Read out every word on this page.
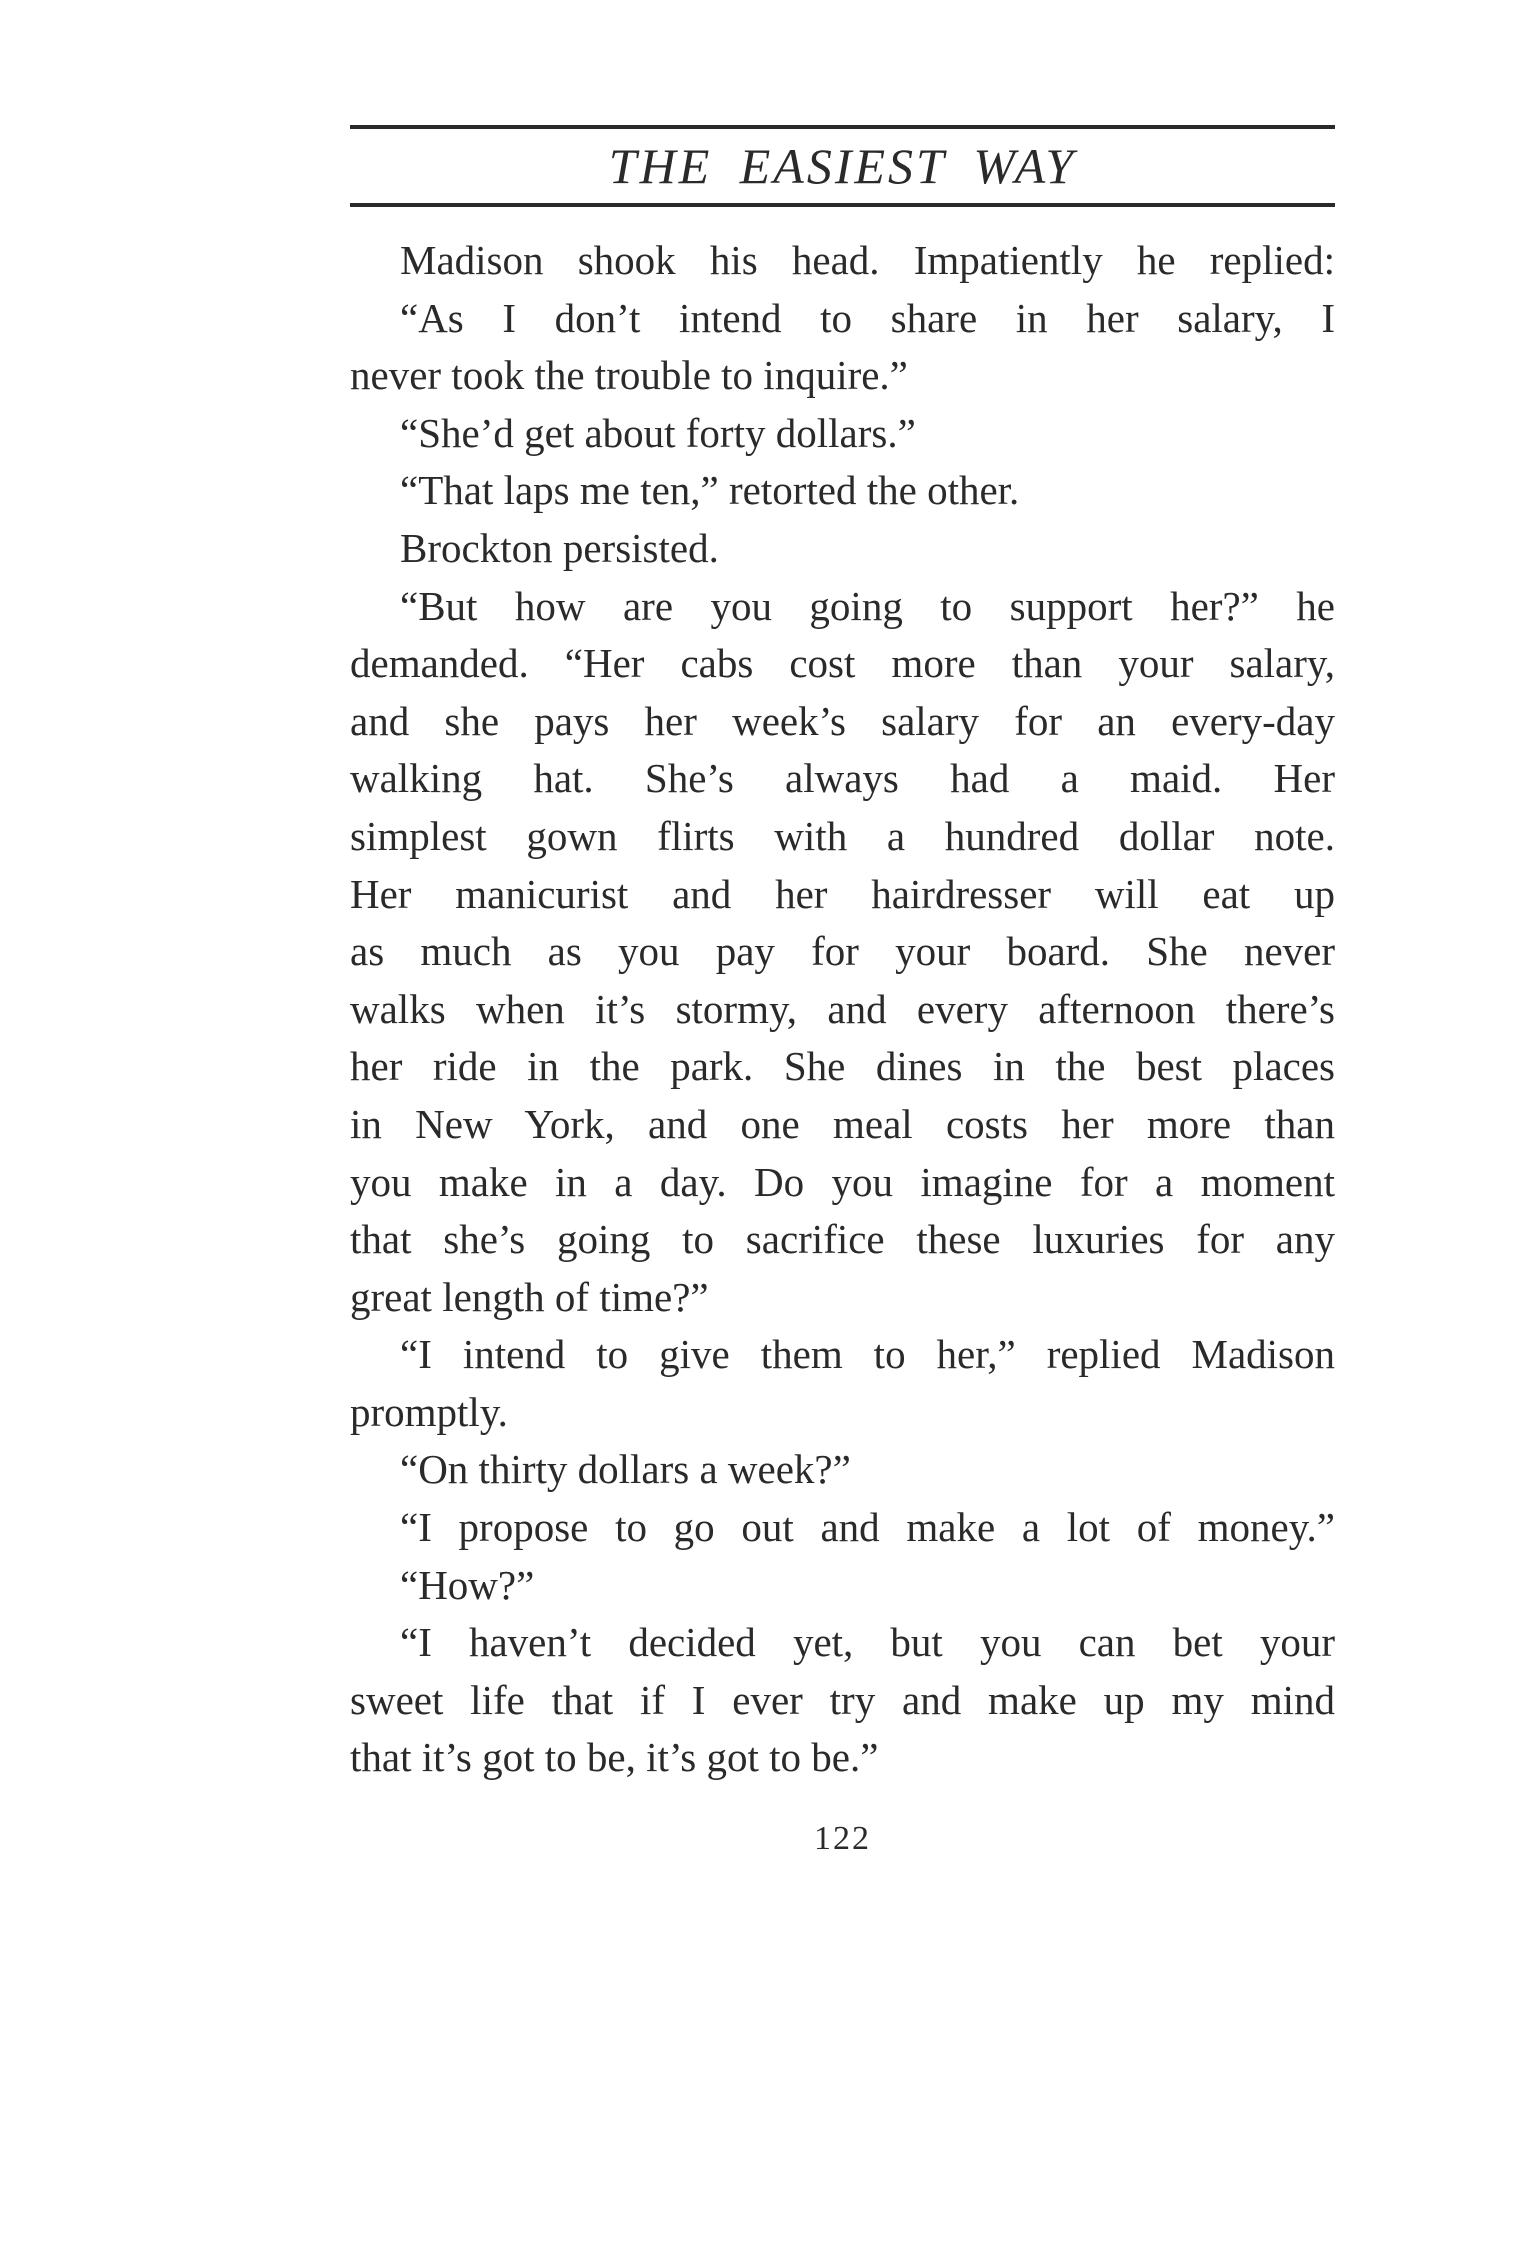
THE EASIEST WAY
Madison shook his head. Impatiently he replied:
“As I don’t intend to share in her salary, I
never took the trouble to inquire.”
“She’d get about forty dollars.”
“That laps me ten,” retorted the other.
Brockton persisted.
“But how are you going to support her?” he
demanded. “Her cabs cost more than your salary,
and she pays her week’s salary for an every-day
walking hat. She’s always had a maid. Her
simplest gown flirts with a hundred dollar note.
Her manicurist and her hairdresser will eat up
as much as you pay for your board. She never
walks when it’s stormy, and every afternoon there’s
her ride in the park. She dines in the best places
in New York, and one meal costs her more than
you make in a day. Do you imagine for a moment
that she’s going to sacrifice these luxuries for any
great length of time?”
“I intend to give them to her,” replied Madison
promptly.
“On thirty dollars a week?”
“I propose to go out and make a lot of money.”
“How?”
“I haven’t decided yet, but you can bet your
sweet life that if I ever try and make up my mind
that it’s got to be, it’s got to be.”
122
